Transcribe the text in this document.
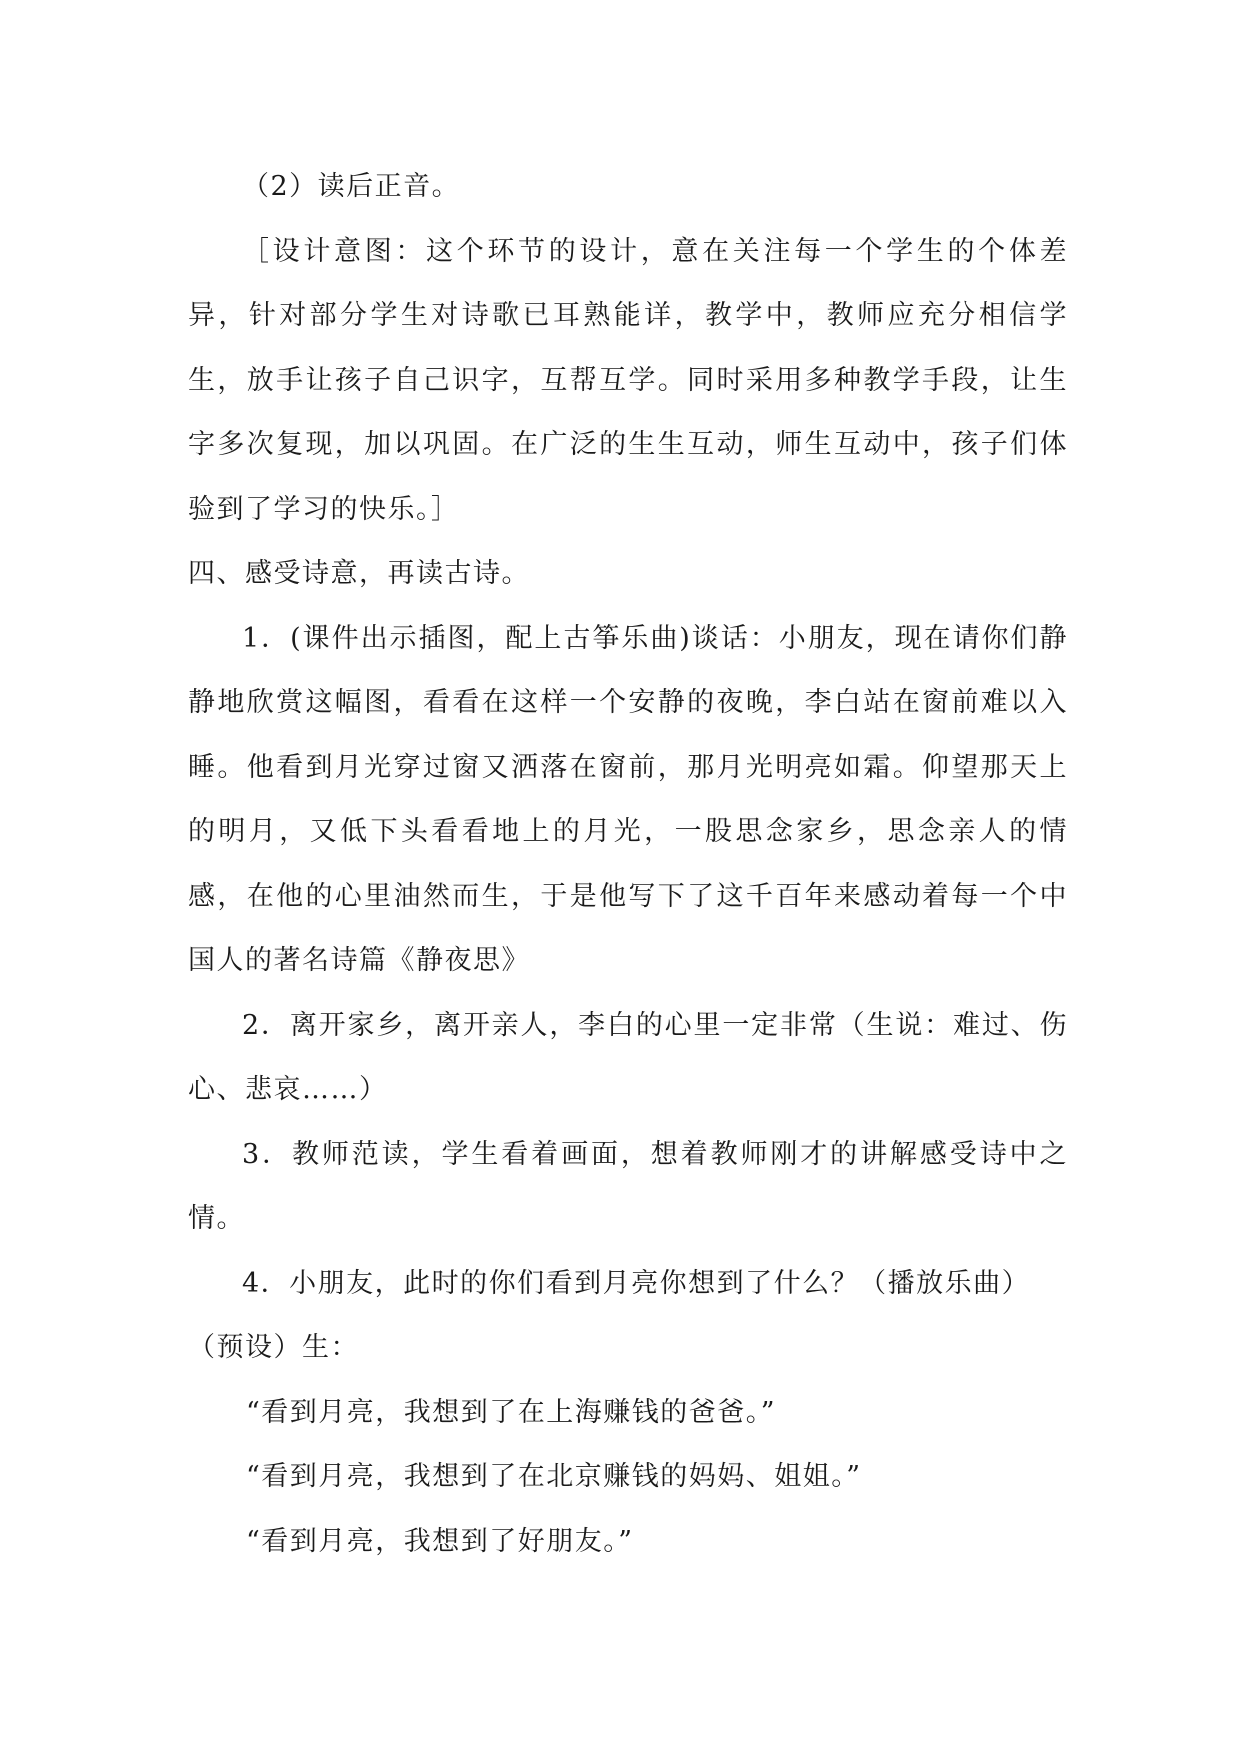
（2）读后正音。

［设计意图：这个环节的设计，意在关注每一个学生的个体差异，针对部分学生对诗歌已耳熟能详，教学中，教师应充分相信学生，放手让孩子自己识字，互帮互学。同时采用多种教学手段，让生字多次复现，加以巩固。在广泛的生生互动，师生互动中，孩子们体验到了学习的快乐。］

四、感受诗意，再读古诗。

1．(课件出示插图，配上古筝乐曲)谈话：小朋友，现在请你们静静地欣赏这幅图，看看在这样一个安静的夜晚，李白站在窗前难以入睡。他看到月光穿过窗又洒落在窗前，那月光明亮如霜。仰望那天上的明月，又低下头看看地上的月光，一股思念家乡，思念亲人的情感，在他的心里油然而生，于是他写下了这千百年来感动着每一个中国人的著名诗篇《静夜思》

2．离开家乡，离开亲人，李白的心里一定非常（生说：难过、伤心、悲哀……）

3．教师范读，学生看着画面，想着教师刚才的讲解感受诗中之情。

4．小朋友，此时的你们看到月亮你想到了什么？（播放乐曲）

（预设）生：

“看到月亮，我想到了在上海赚钱的爸爸。”

“看到月亮，我想到了在北京赚钱的妈妈、姐姐。”

“看到月亮，我想到了好朋友。”
